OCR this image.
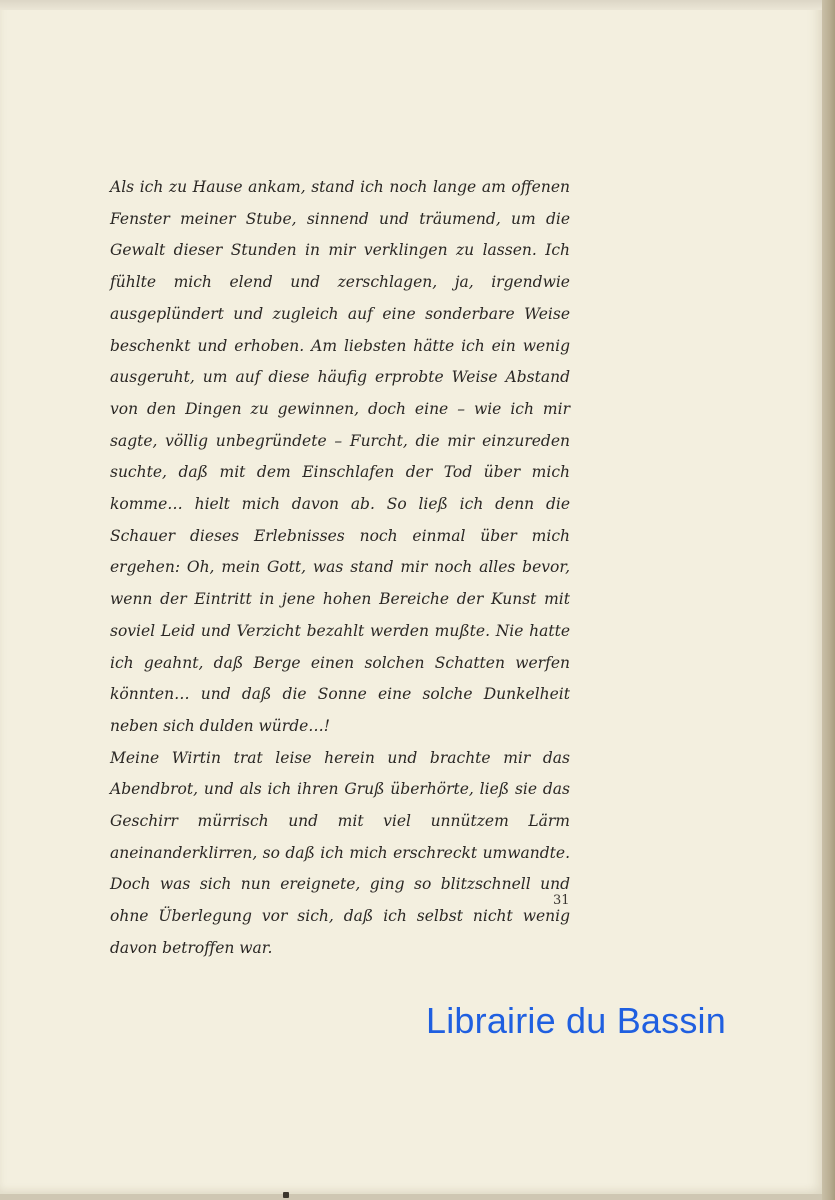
Als ich zu Hause ankam, stand ich noch lange am offenen Fenster meiner Stube, sinnend und träumend, um die Gewalt dieser Stunden in mir verklingen zu lassen. Ich fühlte mich elend und zerschlagen, ja, irgendwie ausgeplündert und zugleich auf eine sonderbare Weise beschenkt und erhoben. Am liebsten hätte ich ein wenig ausgeruht, um auf diese häufig erprobte Weise Abstand von den Dingen zu gewinnen, doch eine – wie ich mir sagte, völlig unbegründete – Furcht, die mir einzureden suchte, daß mit dem Einschlafen der Tod über mich komme… hielt mich davon ab. So ließ ich denn die Schauer dieses Erlebnisses noch einmal über mich ergehen: Oh, mein Gott, was stand mir noch alles bevor, wenn der Eintritt in jene hohen Bereiche der Kunst mit soviel Leid und Verzicht bezahlt werden mußte. Nie hatte ich geahnt, daß Berge einen solchen Schatten werfen könnten… und daß die Sonne eine solche Dunkelheit neben sich dulden würde…!

Meine Wirtin trat leise herein und brachte mir das Abendbrot, und als ich ihren Gruß überhörte, ließ sie das Geschirr mürrisch und mit viel unnützem Lärm aneinanderklirren, so daß ich mich erschreckt umwandte. Doch was sich nun ereignete, ging so blitzschnell und ohne Überlegung vor sich, daß ich selbst nicht wenig davon betroffen war.

31
Librairie du Bassin
